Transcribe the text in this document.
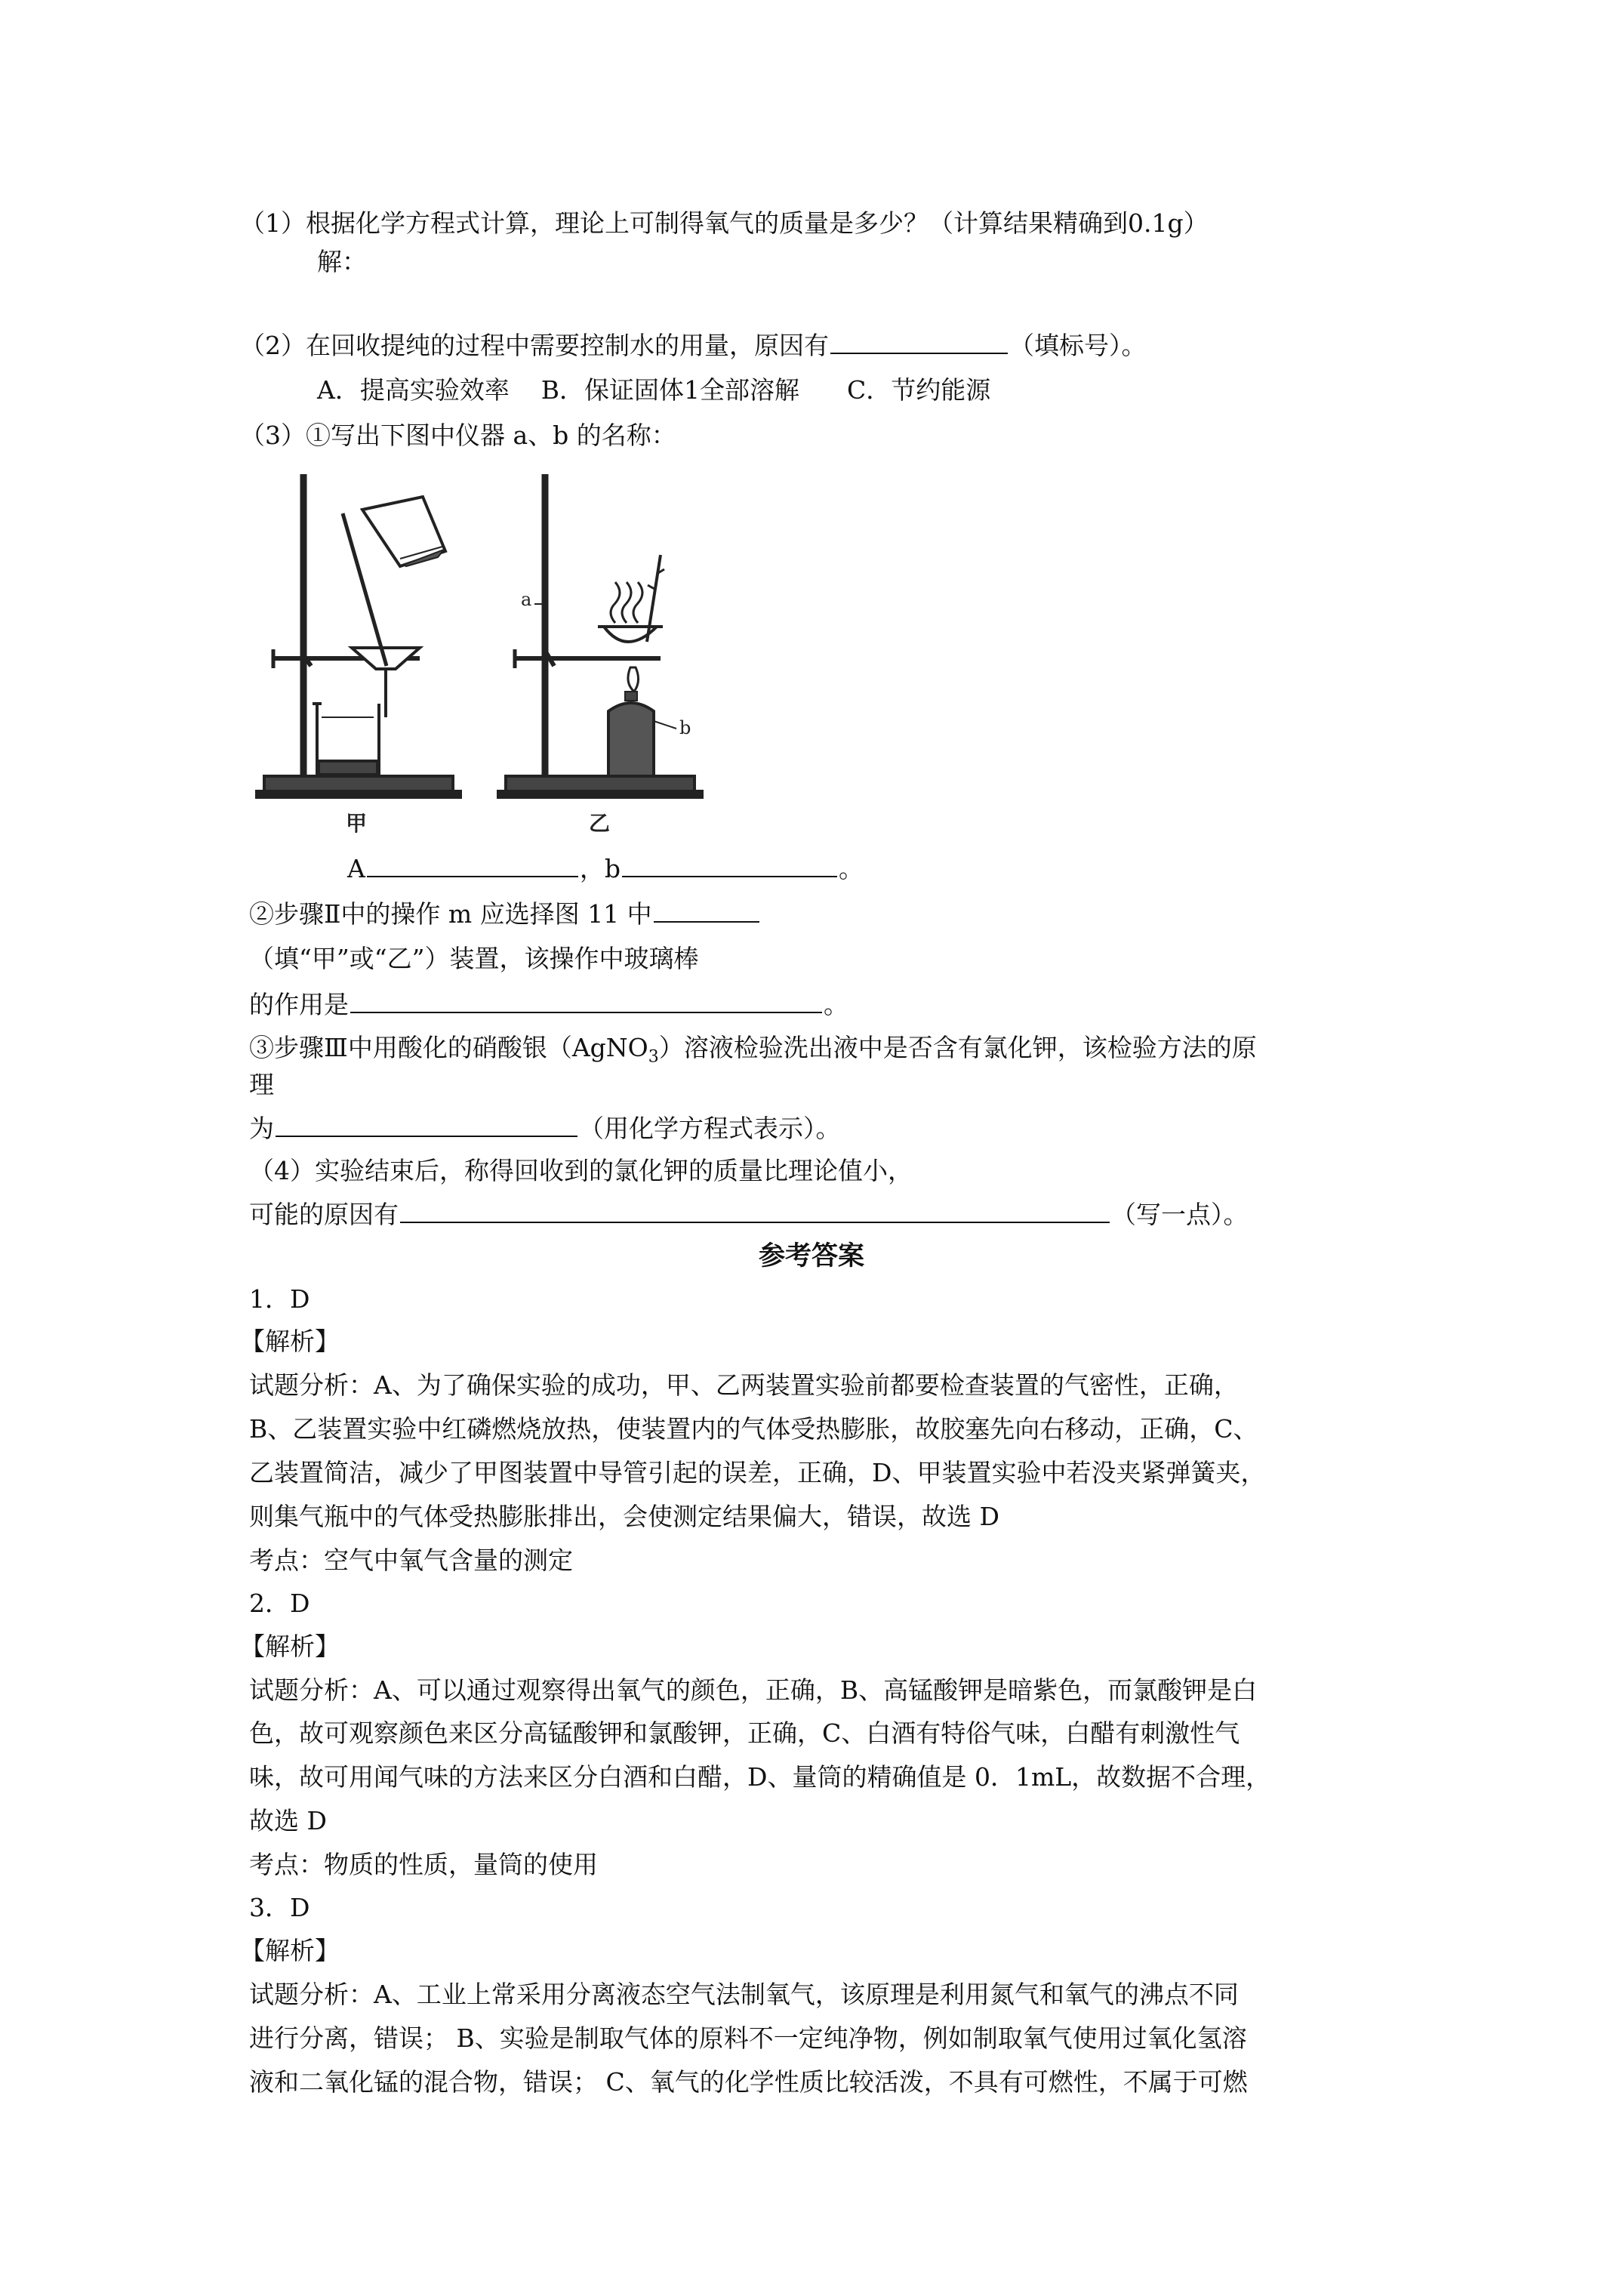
（1）根据化学方程式计算，理论上可制得氧气的质量是多少？（计算结果精确到0.1g）
解：
（2）在回收提纯的过程中需要控制水的用量，原因有	（填标号）。
A．提高实验效率    B．保证固体1全部溶解      C．节约能源
（3）①写出下图中仪器 a、b 的名称：
a
b
甲	乙
A	，b	。
②步骤Ⅱ中的操作 m 应选择图 11 中
（填“甲”或“乙”）装置，该操作中玻璃棒
的作用是	。
③步骤Ⅲ中用酸化的硝酸银（AgNO$_3$）溶液检验洗出液中是否含有氯化钾，该检验方法的原
理
为	（用化学方程式表示）。
（4）实验结束后，称得回收到的氯化钾的质量比理论值小，
可能的原因有	（写一点）。
参考答案
1．D
【解析】
试题分析：A、为了确保实验的成功，甲、乙两装置实验前都要检查装置的气密性，正确，
B、乙装置实验中红磷燃烧放热，使装置内的气体受热膨胀，故胶塞先向右移动，正确，C、
乙装置简洁，减少了甲图装置中导管引起的误差，正确，D、甲装置实验中若没夹紧弹簧夹，
则集气瓶中的气体受热膨胀排出，会使测定结果偏大，错误，故选 D
考点：空气中氧气含量的测定
2．D
【解析】
试题分析：A、可以通过观察得出氧气的颜色，正确，B、高锰酸钾是暗紫色，而氯酸钾是白
色，故可观察颜色来区分高锰酸钾和氯酸钾，正确，C、白酒有特俗气味，白醋有刺激性气
味，故可用闻气味的方法来区分白酒和白醋，D、量筒的精确值是 0．1mL，故数据不合理，
故选 D
考点：物质的性质，量筒的使用
3．D
【解析】
试题分析：A、工业上常采用分离液态空气法制氧气，该原理是利用氮气和氧气的沸点不同
进行分离，错误； B、实验是制取气体的原料不一定纯净物，例如制取氧气使用过氧化氢溶
液和二氧化锰的混合物，错误； C、氧气的化学性质比较活泼，不具有可燃性，不属于可燃
